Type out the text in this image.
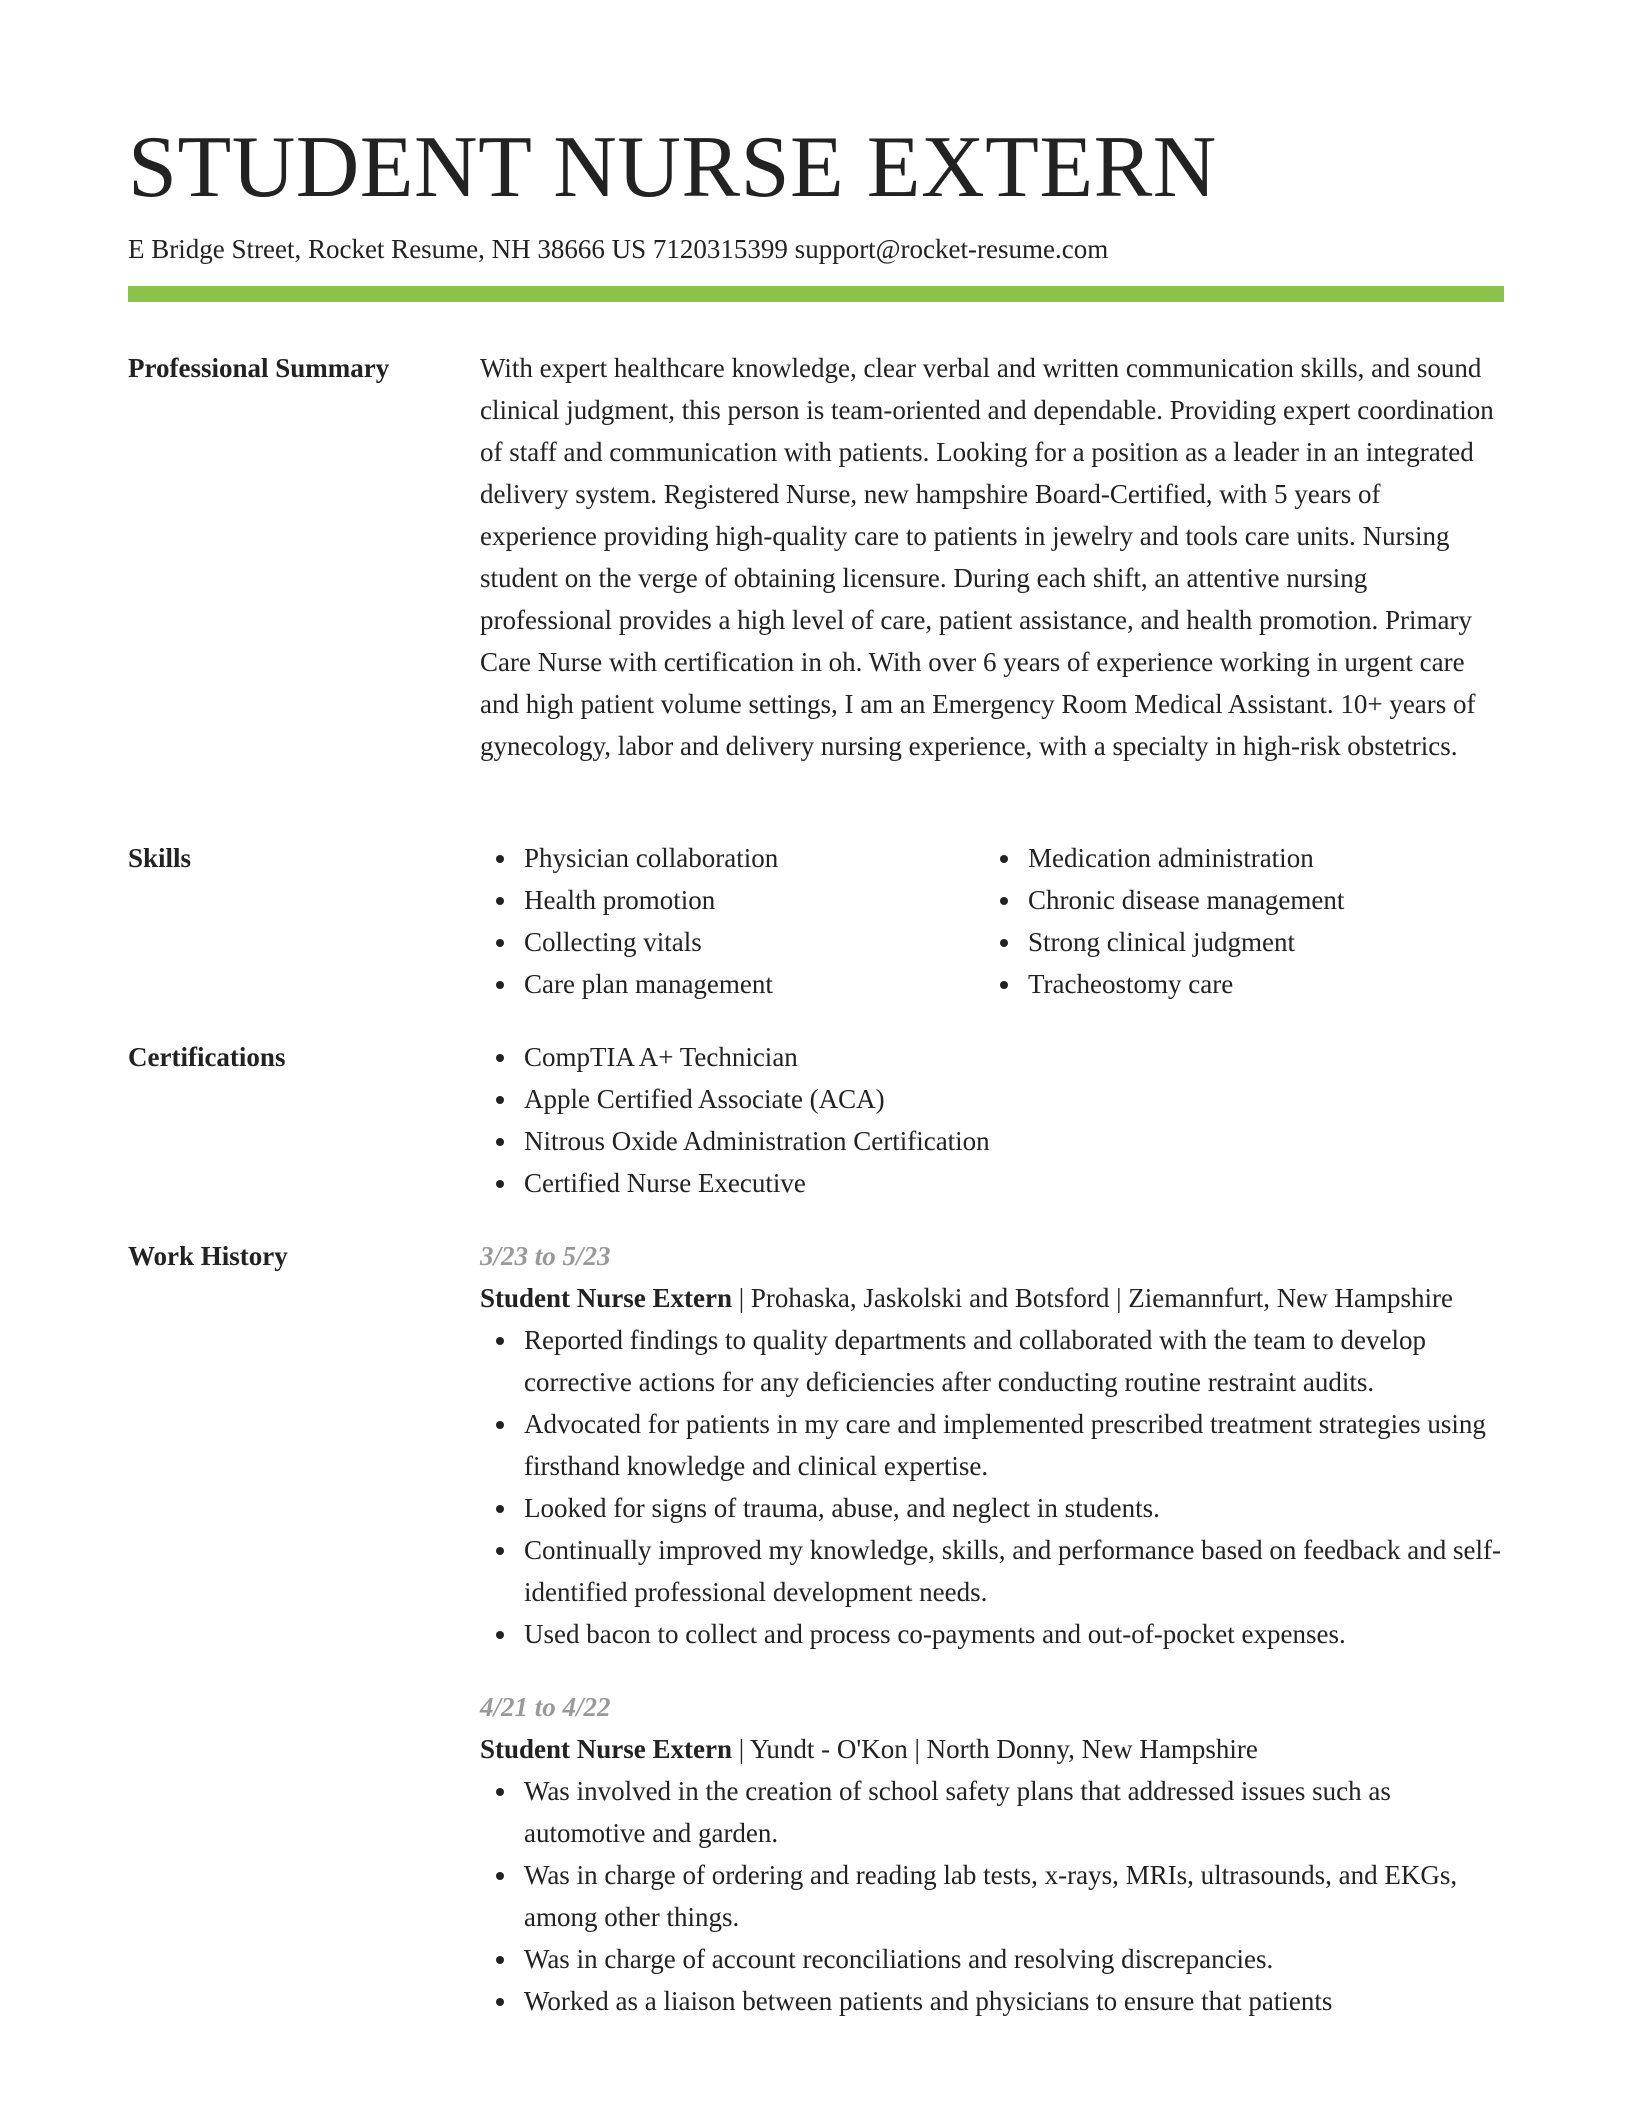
STUDENT NURSE EXTERN
E Bridge Street, Rocket Resume, NH 38666 US 7120315399 support@rocket-resume.com
Professional Summary	With expert healthcare knowledge, clear verbal and written communication skills, and sound clinical judgment, this person is team-oriented and dependable. Providing expert coordination of staff and communication with patients. Looking for a position as a leader in an integrated delivery system. Registered Nurse, new hampshire Board-Certified, with 5 years of experience providing high-quality care to patients in jewelry and tools care units. Nursing student on the verge of obtaining licensure. During each shift, an attentive nursing professional provides a high level of care, patient assistance, and health promotion. Primary Care Nurse with certification in oh. With over 6 years of experience working in urgent care and high patient volume settings, I am an Emergency Room Medical Assistant. 10+ years of gynecology, labor and delivery nursing experience, with a specialty in high-risk obstetrics.

Skills	Physician collaboration
Health promotion
Collecting vitals
Care plan management
Medication administration
Chronic disease management
Strong clinical judgment
Tracheostomy care
Certifications	CompTIA A+ Technician
Apple Certified Associate (ACA)
Nitrous Oxide Administration Certification
Certified Nurse Executive
Work History	3/23 to 5/23
Student Nurse Extern | Prohaska, Jaskolski and Botsford | Ziemannfurt, New Hampshire
Reported findings to quality departments and collaborated with the team to develop corrective actions for any deficiencies after conducting routine restraint audits.
Advocated for patients in my care and implemented prescribed treatment strategies using firsthand knowledge and clinical expertise.
Looked for signs of trauma, abuse, and neglect in students.
Continually improved my knowledge, skills, and performance based on feedback and self-identified professional development needs.
Used bacon to collect and process co-payments and out-of-pocket expenses.
4/21 to 4/22
Student Nurse Extern | Yundt - O'Kon | North Donny, New Hampshire
Was involved in the creation of school safety plans that addressed issues such as automotive and garden.
Was in charge of ordering and reading lab tests, x-rays, MRIs, ultrasounds, and EKGs, among other things.
Was in charge of account reconciliations and resolving discrepancies.
Worked as a liaison between patients and physicians to ensure that patients
